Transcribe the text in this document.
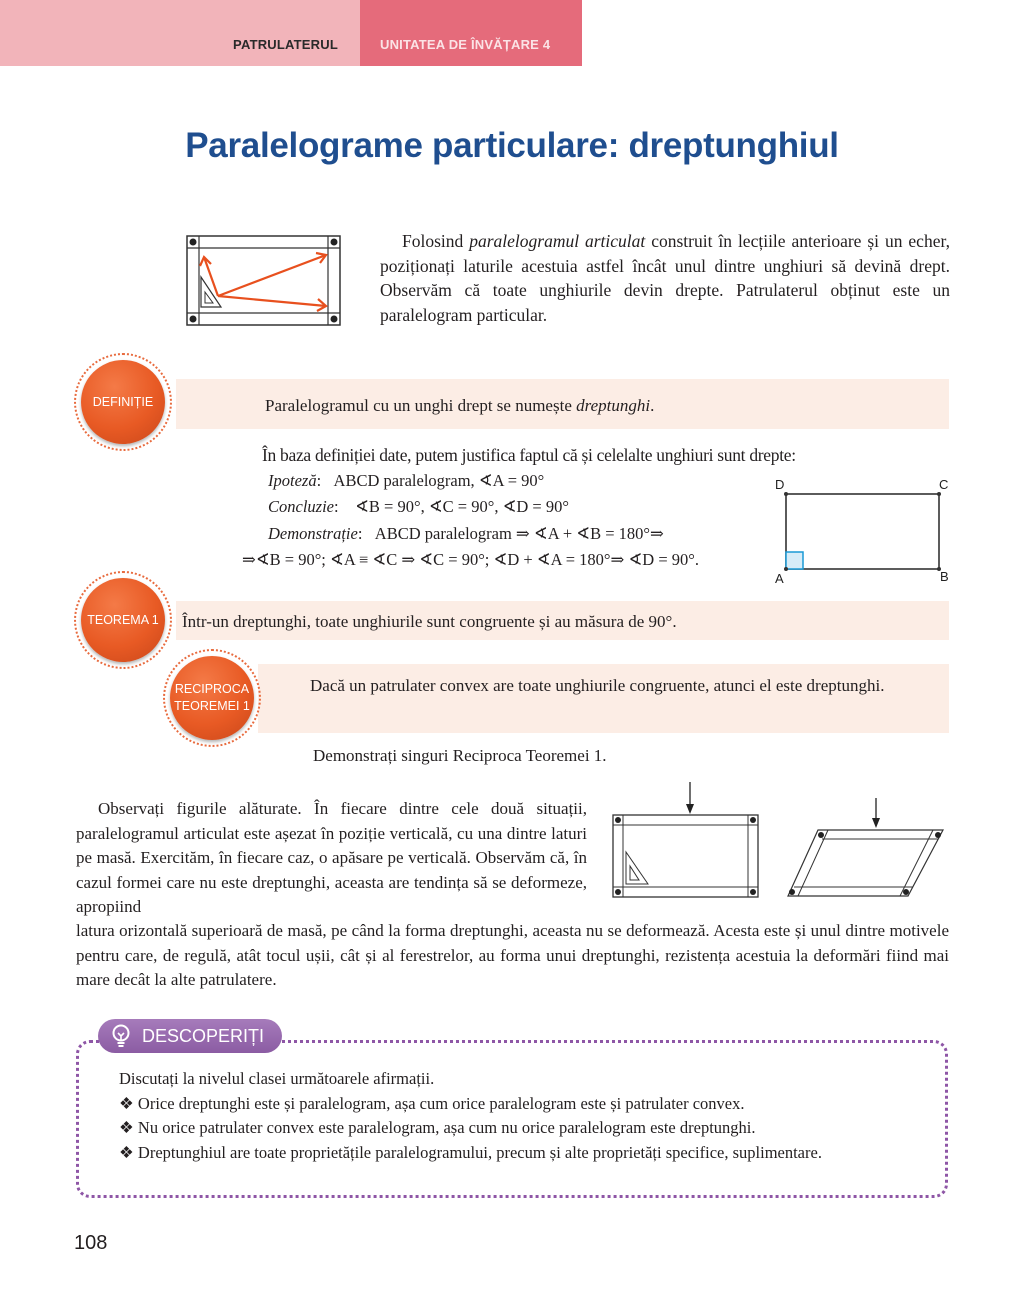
PATRULATERUL	UNITATEA DE ÎNVĂȚARE 4
Paralelograme particulare: dreptunghiul
Folosind paralelogramul articulat construit în lecțiile anterioare și un echer, poziționați laturile acestuia astfel încât unul dintre unghiuri să devină drept. Observăm că toate unghiurile devin drepte. Patrulaterul obținut este un paralelogram particular.
DEFINIȚIE	Paralelogramul cu un unghi drept se numește dreptunghi.
În baza definiției date, putem justifica faptul că și celelalte unghiuri sunt drepte:
Ipoteză:   ABCD paralelogram, ∢A = 90°
Concluzie:    ∢B = 90°, ∢C = 90°, ∢D = 90°
Demonstrație:   ABCD paralelogram ⇒ ∢A + ∢B = 180°⇒
⇒∢B = 90°; ∢A ≡ ∢C ⇒ ∢C = 90°; ∢D + ∢A = 180°⇒ ∢D = 90°.
D	C
A	B
TEOREMA 1 Într-un dreptunghi, toate unghiurile sunt congruente și au măsura de 90°.
RECIPROCA
TEOREMEI 1
Dacă un patrulater convex are toate unghiurile congruente, atunci el este dreptunghi.
Demonstrați singuri Reciproca Teoremei 1.
Observați figurile alăturate. În fiecare dintre cele două situații, paralelogramul articulat este așezat în poziție verticală, cu una dintre laturi pe masă. Exercităm, în fiecare caz, o apăsare pe verticală. Observăm că, în cazul formei care nu este dreptunghi, aceasta are tendința să se deformeze, apropiind
latura orizontală superioară de masă, pe când la forma dreptunghi, aceasta nu se deformează. Acesta este și unul dintre motivele pentru care, de regulă, atât tocul ușii, cât și al ferestrelor, au forma unui dreptunghi, rezistența acestuia la deformări fiind mai mare decât la alte patrulatere.
DESCOPERIȚI
Discutați la nivelul clasei următoarele afirmații.
❖ Orice dreptunghi este și paralelogram, așa cum orice paralelogram este și patrulater convex.
❖ Nu orice patrulater convex este paralelogram, așa cum nu orice paralelogram este dreptunghi.
❖ Dreptunghiul are toate proprietățile paralelogramului, precum și alte proprietăți specifice, suplimentare.
108
